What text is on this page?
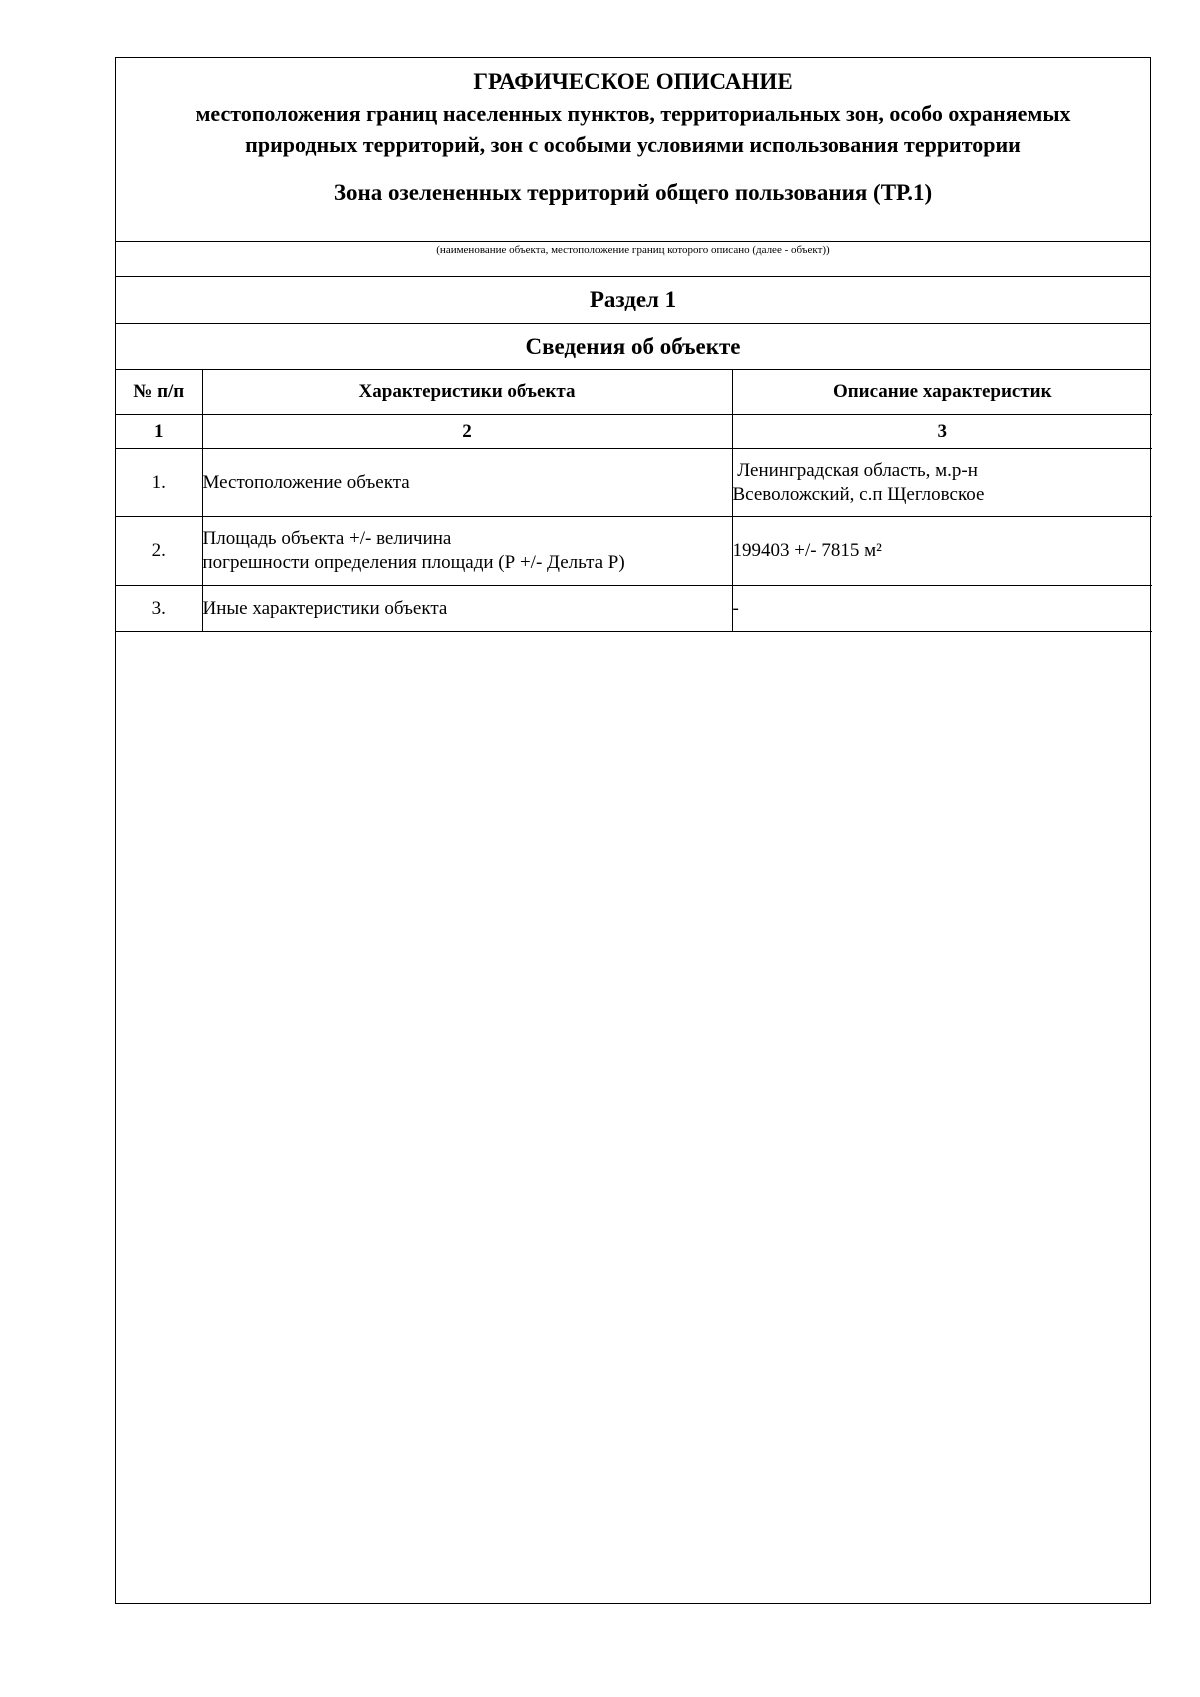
ГРАФИЧЕСКОЕ ОПИСАНИЕ
местоположения границ населенных пунктов, территориальных зон, особо охраняемых природных территорий, зон с особыми условиями использования территории
Зона озелененных территорий общего пользования (ТР.1)
(наименование объекта, местоположение границ которого описано (далее - объект))
Раздел 1
Сведения об объекте
№ п/п	Характеристики объекта	Описание характеристик
1	2	3
1.	Местоположение объекта	Ленинградская область, м.р-н
Всеволожский, с.п Щегловское

2.	Площадь объекта +/- величина
погрешности определения площади (Р +/- Дельта Р)	199403 +/- 7815 м²

3.	Иные характеристики объекта	-
